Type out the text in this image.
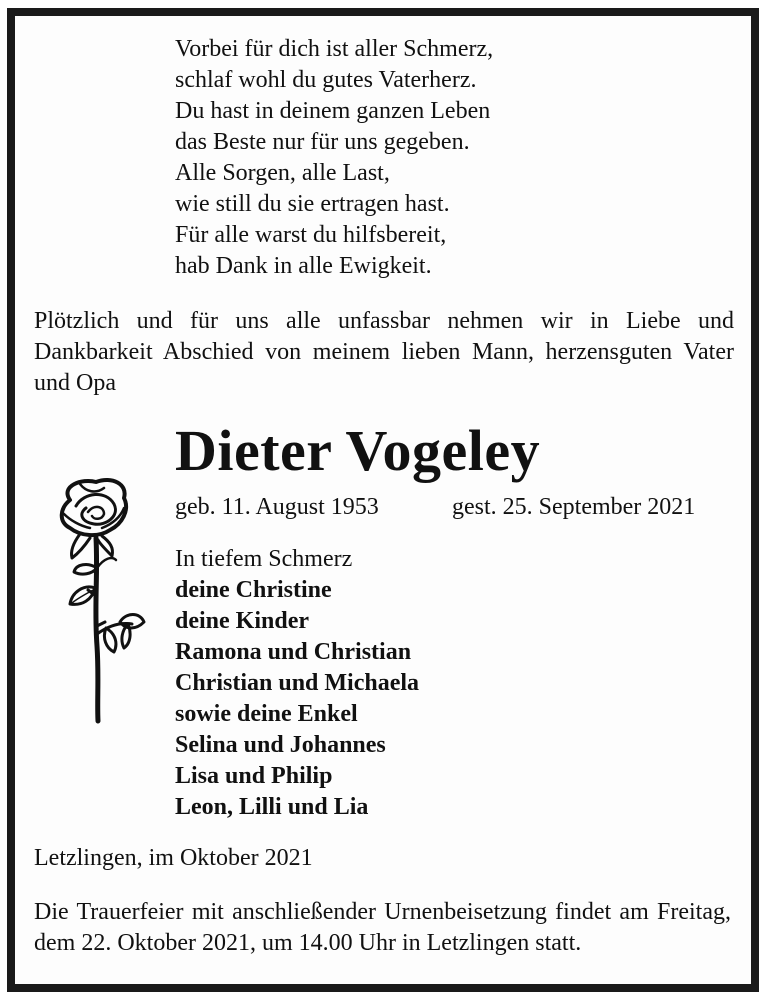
Vorbei für dich ist aller Schmerz,
schlaf wohl du gutes Vaterherz.
Du hast in deinem ganzen Leben
das Beste nur für uns gegeben.
Alle Sorgen, alle Last,
wie still du sie ertragen hast.
Für alle warst du hilfsbereit,
hab Dank in alle Ewigkeit.
Plötzlich und für uns alle unfassbar nehmen wir in Liebe und Dankbarkeit Abschied von meinem lieben Mann, herzensguten Vater und Opa
Dieter Vogeley
geb. 11. August 1953	gest. 25. September 2021
In tiefem Schmerz
deine Christine
deine Kinder
Ramona und Christian
Christian und Michaela
sowie deine Enkel
Selina und Johannes
Lisa und Philip
Leon, Lilli und Lia
Letzlingen, im Oktober 2021
Die Trauerfeier mit anschließender Urnenbeisetzung findet am Freitag, dem 22. Oktober 2021, um 14.00 Uhr in Letzlingen statt.
